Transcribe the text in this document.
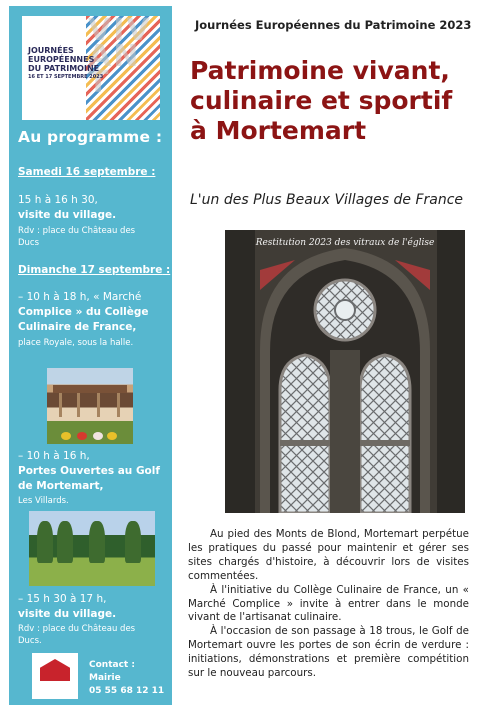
VIVANT
JOURNÉES
EUROPÉENNES
DU PATRIMOINE
16 ET 17 SEPTEMBRE 2023
Au programme :
Samedi 16 septembre :
15 h à 16 h 30,
visite du village.
Rdv : place du Château des Ducs
Dimanche 17 septembre :
– 10 h à 18 h, « Marché
Complice » du Collège
Culinaire de France,
place Royale, sous la halle.
– 10 h à 16 h,
Portes Ouvertes au Golf
de Mortemart,
Les Villards.
– 15 h 30 à 17 h,
visite du village.
Rdv : place du Château des Ducs.
Contact :
Mairie
05 55 68 12 11
Journées Européennes du Patrimoine 2023
Patrimoine vivant,
culinaire et sportif
à Mortemart
L'un des Plus Beaux Villages de France
Restitution 2023 des vitraux de l'église

Au pied des Monts de Blond, Mortemart perpétue les pratiques du passé pour maintenir et gérer ses sites chargés d'histoire, à découvrir lors de visites commentées.

À l'initiative du Collège Culinaire de France, un « Marché Complice » invite à entrer dans le monde vivant de l'artisanat culinaire.

À l'occasion de son passage à 18 trous, le Golf de Mortemart ouvre les portes de son écrin de verdure : initiations, démonstrations et première compétition sur le nouveau parcours.
